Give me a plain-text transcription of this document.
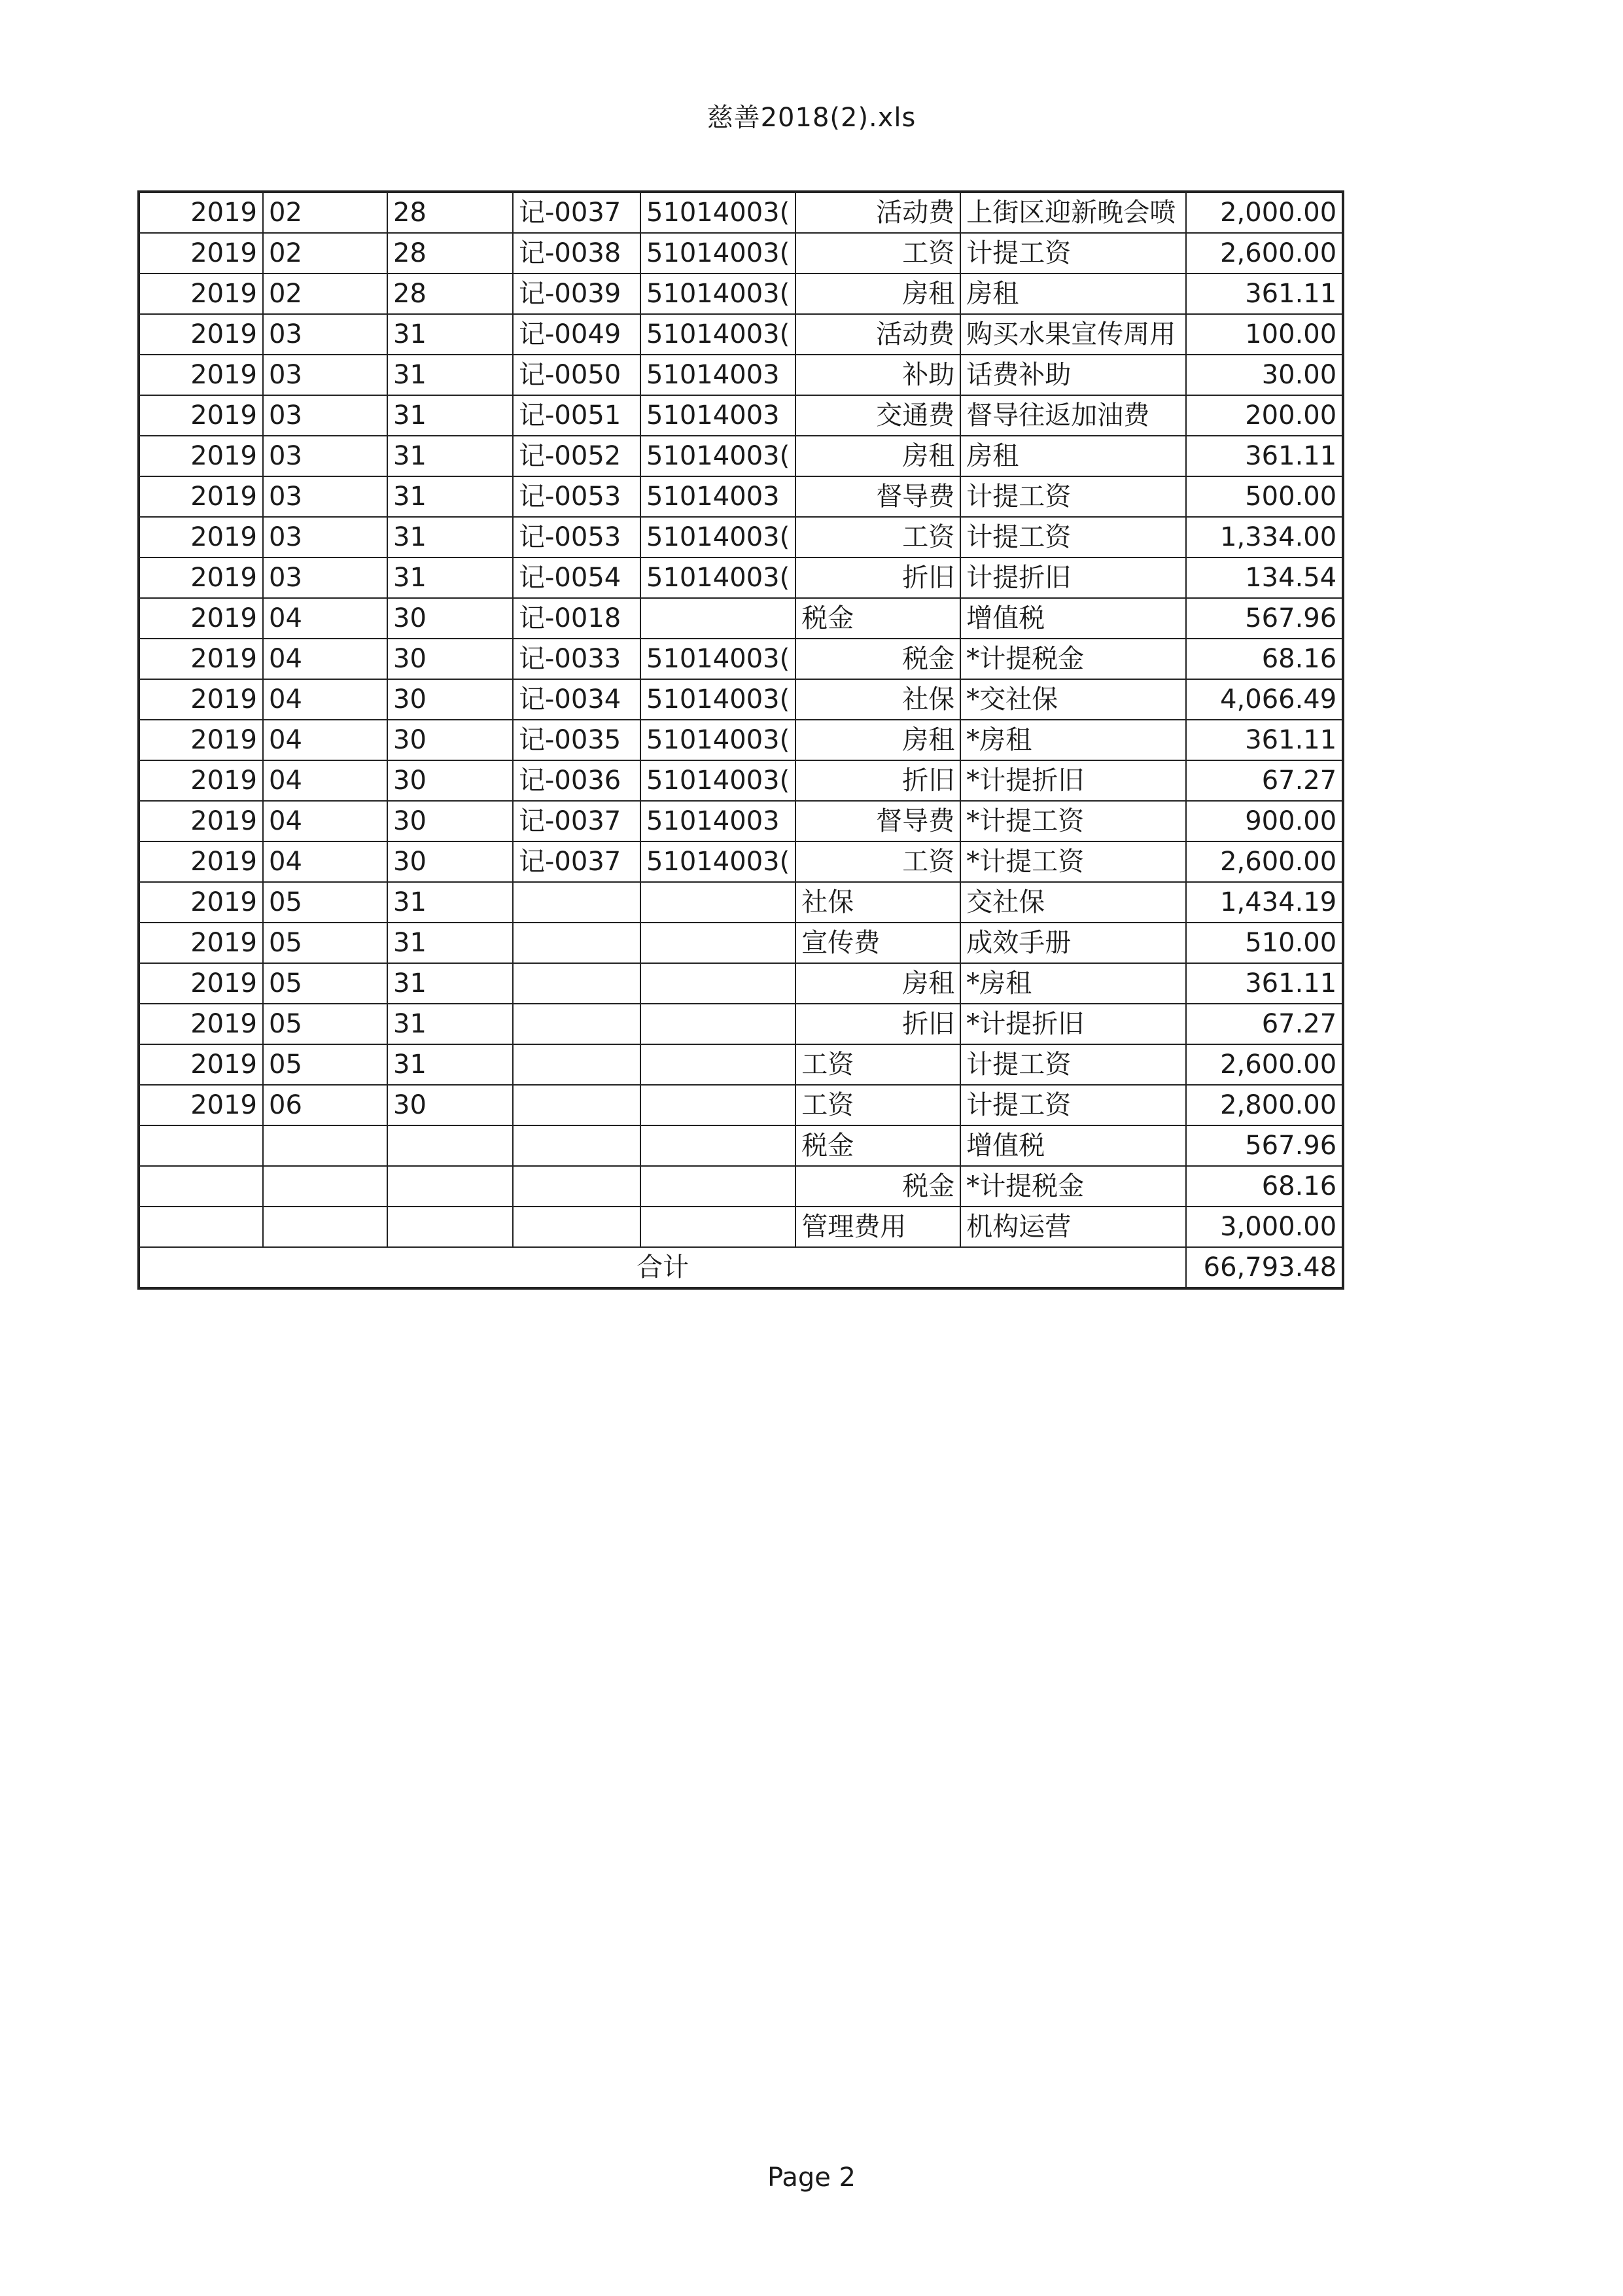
慈善2018(2).xls
2019	02	28	记-0037	51014003(	活动费	上街区迎新晚会喷	2,000.00
2019	02	28	记-0038	51014003(	工资	计提工资	2,600.00
2019	02	28	记-0039	51014003(	房租	房租	361.11
2019	03	31	记-0049	51014003(	活动费	购买水果宣传周用	100.00
2019	03	31	记-0050	51014003	补助	话费补助	30.00
2019	03	31	记-0051	51014003	交通费	督导往返加油费	200.00
2019	03	31	记-0052	51014003(	房租	房租	361.11
2019	03	31	记-0053	51014003	督导费	计提工资	500.00
2019	03	31	记-0053	51014003(	工资	计提工资	1,334.00
2019	03	31	记-0054	51014003(	折旧	计提折旧	134.54
2019	04	30	记-0018		税金	增值税	567.96
2019	04	30	记-0033	51014003(	税金	*计提税金	68.16
2019	04	30	记-0034	51014003(	社保	*交社保	4,066.49
2019	04	30	记-0035	51014003(	房租	*房租	361.11
2019	04	30	记-0036	51014003(	折旧	*计提折旧	67.27
2019	04	30	记-0037	51014003	督导费	*计提工资	900.00
2019	04	30	记-0037	51014003(	工资	*计提工资	2,600.00
2019	05	31			社保	交社保	1,434.19
2019	05	31			宣传费	成效手册	510.00
2019	05	31			房租	*房租	361.11
2019	05	31			折旧	*计提折旧	67.27
2019	05	31			工资	计提工资	2,600.00
2019	06	30			工资	计提工资	2,800.00
					税金	增值税	567.96
					税金	*计提税金	68.16
					管理费用	机构运营	3,000.00
合计							66,793.48
Page 2
